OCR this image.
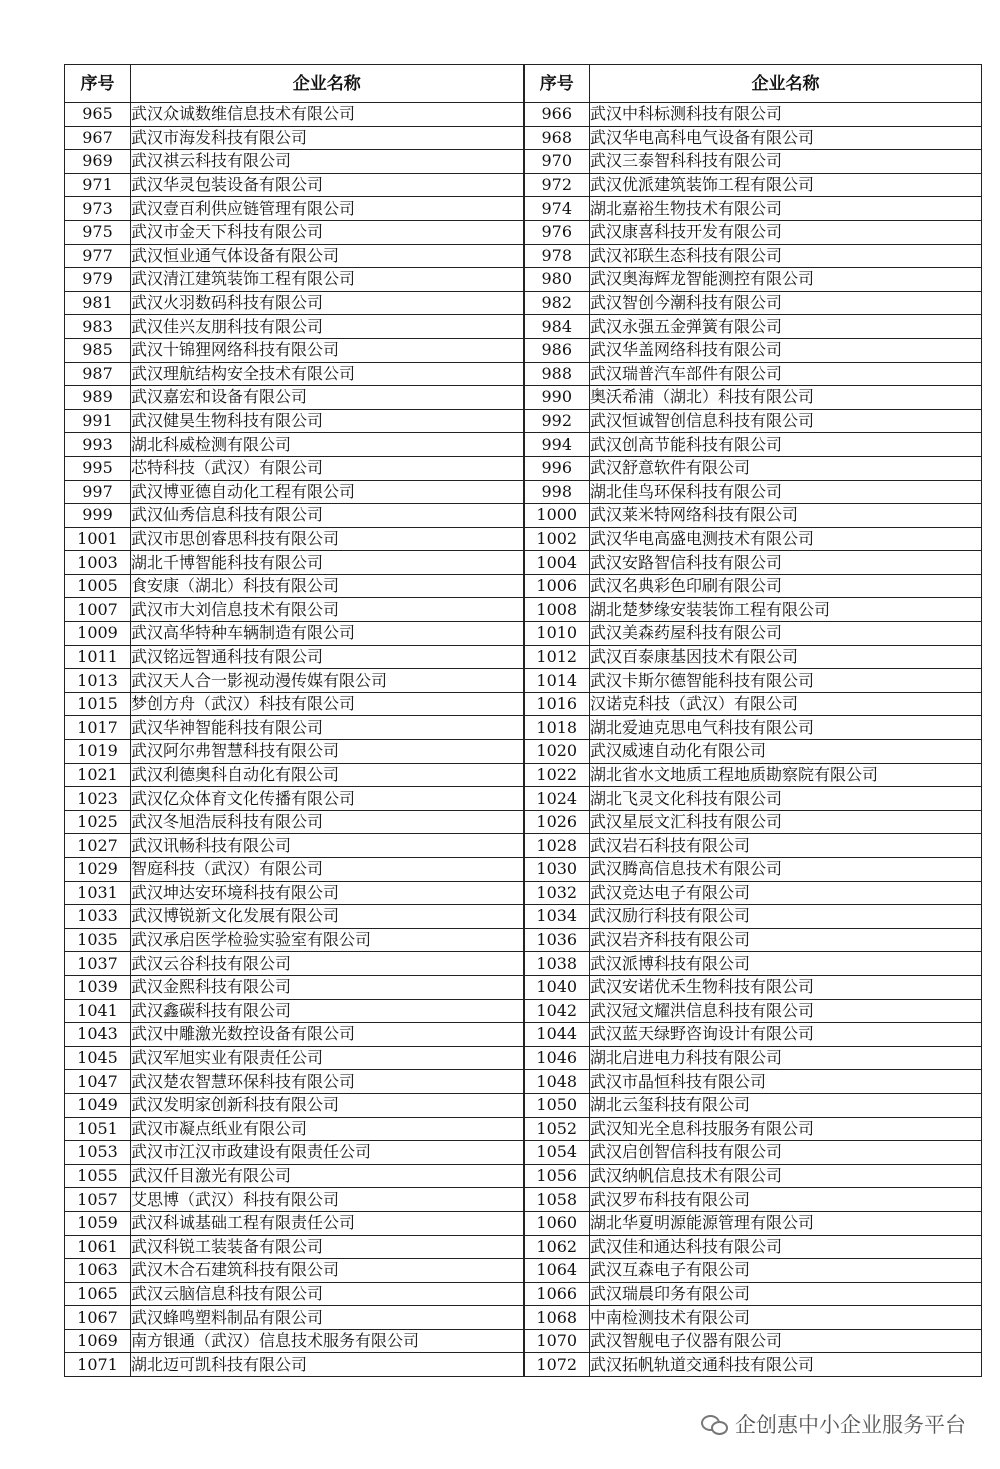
序号	企业名称	序号	企业名称
965	武汉众诚数维信息技术有限公司	966	武汉中科标测科技有限公司
967	武汉市海发科技有限公司	968	武汉华电高科电气设备有限公司
969	武汉祺云科技有限公司	970	武汉三泰智科科技有限公司
971	武汉华灵包装设备有限公司	972	武汉优派建筑装饰工程有限公司
973	武汉壹百利供应链管理有限公司	974	湖北嘉裕生物技术有限公司
975	武汉市金天下科技有限公司	976	武汉康喜科技开发有限公司
977	武汉恒业通气体设备有限公司	978	武汉祁联生态科技有限公司
979	武汉清江建筑装饰工程有限公司	980	武汉奥海辉龙智能测控有限公司
981	武汉火羽数码科技有限公司	982	武汉智创今潮科技有限公司
983	武汉佳兴友朋科技有限公司	984	武汉永强五金弹簧有限公司
985	武汉十锦狸网络科技有限公司	986	武汉华盖网络科技有限公司
987	武汉理航结构安全技术有限公司	988	武汉瑞普汽车部件有限公司
989	武汉嘉宏和设备有限公司	990	奥沃希浦（湖北）科技有限公司
991	武汉健昊生物科技有限公司	992	武汉恒诚智创信息科技有限公司
993	湖北科威检测有限公司	994	武汉创高节能科技有限公司
995	芯特科技（武汉）有限公司	996	武汉舒意软件有限公司
997	武汉博亚德自动化工程有限公司	998	湖北佳鸟环保科技有限公司
999	武汉仙秀信息科技有限公司	1000	武汉莱米特网络科技有限公司
1001	武汉市思创睿思科技有限公司	1002	武汉华电高盛电测技术有限公司
1003	湖北千博智能科技有限公司	1004	武汉安路智信科技有限公司
1005	食安康（湖北）科技有限公司	1006	武汉名典彩色印刷有限公司
1007	武汉市大刘信息技术有限公司	1008	湖北楚梦缘安装装饰工程有限公司
1009	武汉高华特种车辆制造有限公司	1010	武汉美森药屋科技有限公司
1011	武汉铭远智通科技有限公司	1012	武汉百泰康基因技术有限公司
1013	武汉天人合一影视动漫传媒有限公司	1014	武汉卡斯尔德智能科技有限公司
1015	梦创方舟（武汉）科技有限公司	1016	汉诺克科技（武汉）有限公司
1017	武汉华神智能科技有限公司	1018	湖北爱迪克思电气科技有限公司
1019	武汉阿尔弗智慧科技有限公司	1020	武汉威速自动化有限公司
1021	武汉利德奥科自动化有限公司	1022	湖北省水文地质工程地质勘察院有限公司
1023	武汉亿众体育文化传播有限公司	1024	湖北飞灵文化科技有限公司
1025	武汉冬旭浩辰科技有限公司	1026	武汉星辰文汇科技有限公司
1027	武汉讯畅科技有限公司	1028	武汉岩石科技有限公司
1029	智庭科技（武汉）有限公司	1030	武汉腾高信息技术有限公司
1031	武汉坤达安环境科技有限公司	1032	武汉竞达电子有限公司
1033	武汉博锐新文化发展有限公司	1034	武汉励行科技有限公司
1035	武汉承启医学检验实验室有限公司	1036	武汉岩齐科技有限公司
1037	武汉云谷科技有限公司	1038	武汉派博科技有限公司
1039	武汉金熙科技有限公司	1040	武汉安诺优禾生物科技有限公司
1041	武汉鑫碳科技有限公司	1042	武汉冠文耀洪信息科技有限公司
1043	武汉中雕激光数控设备有限公司	1044	武汉蓝天绿野咨询设计有限公司
1045	武汉军旭实业有限责任公司	1046	湖北启进电力科技有限公司
1047	武汉楚农智慧环保科技有限公司	1048	武汉市晶恒科技有限公司
1049	武汉发明家创新科技有限公司	1050	湖北云玺科技有限公司
1051	武汉市凝点纸业有限公司	1052	武汉知光全息科技服务有限公司
1053	武汉市江汉市政建设有限责任公司	1054	武汉启创智信科技有限公司
1055	武汉仟目激光有限公司	1056	武汉纳帆信息技术有限公司
1057	艾思博（武汉）科技有限公司	1058	武汉罗布科技有限公司
1059	武汉科诚基础工程有限责任公司	1060	湖北华夏明源能源管理有限公司
1061	武汉科锐工装装备有限公司	1062	武汉佳和通达科技有限公司
1063	武汉木合石建筑科技有限公司	1064	武汉互森电子有限公司
1065	武汉云脑信息科技有限公司	1066	武汉瑞晨印务有限公司
1067	武汉蜂鸣塑料制品有限公司	1068	中南检测技术有限公司
1069	南方银通（武汉）信息技术服务有限公司	1070	武汉智舰电子仪器有限公司
1071	湖北迈可凯科技有限公司	1072	武汉拓帆轨道交通科技有限公司
企创惠中小企业服务平台
